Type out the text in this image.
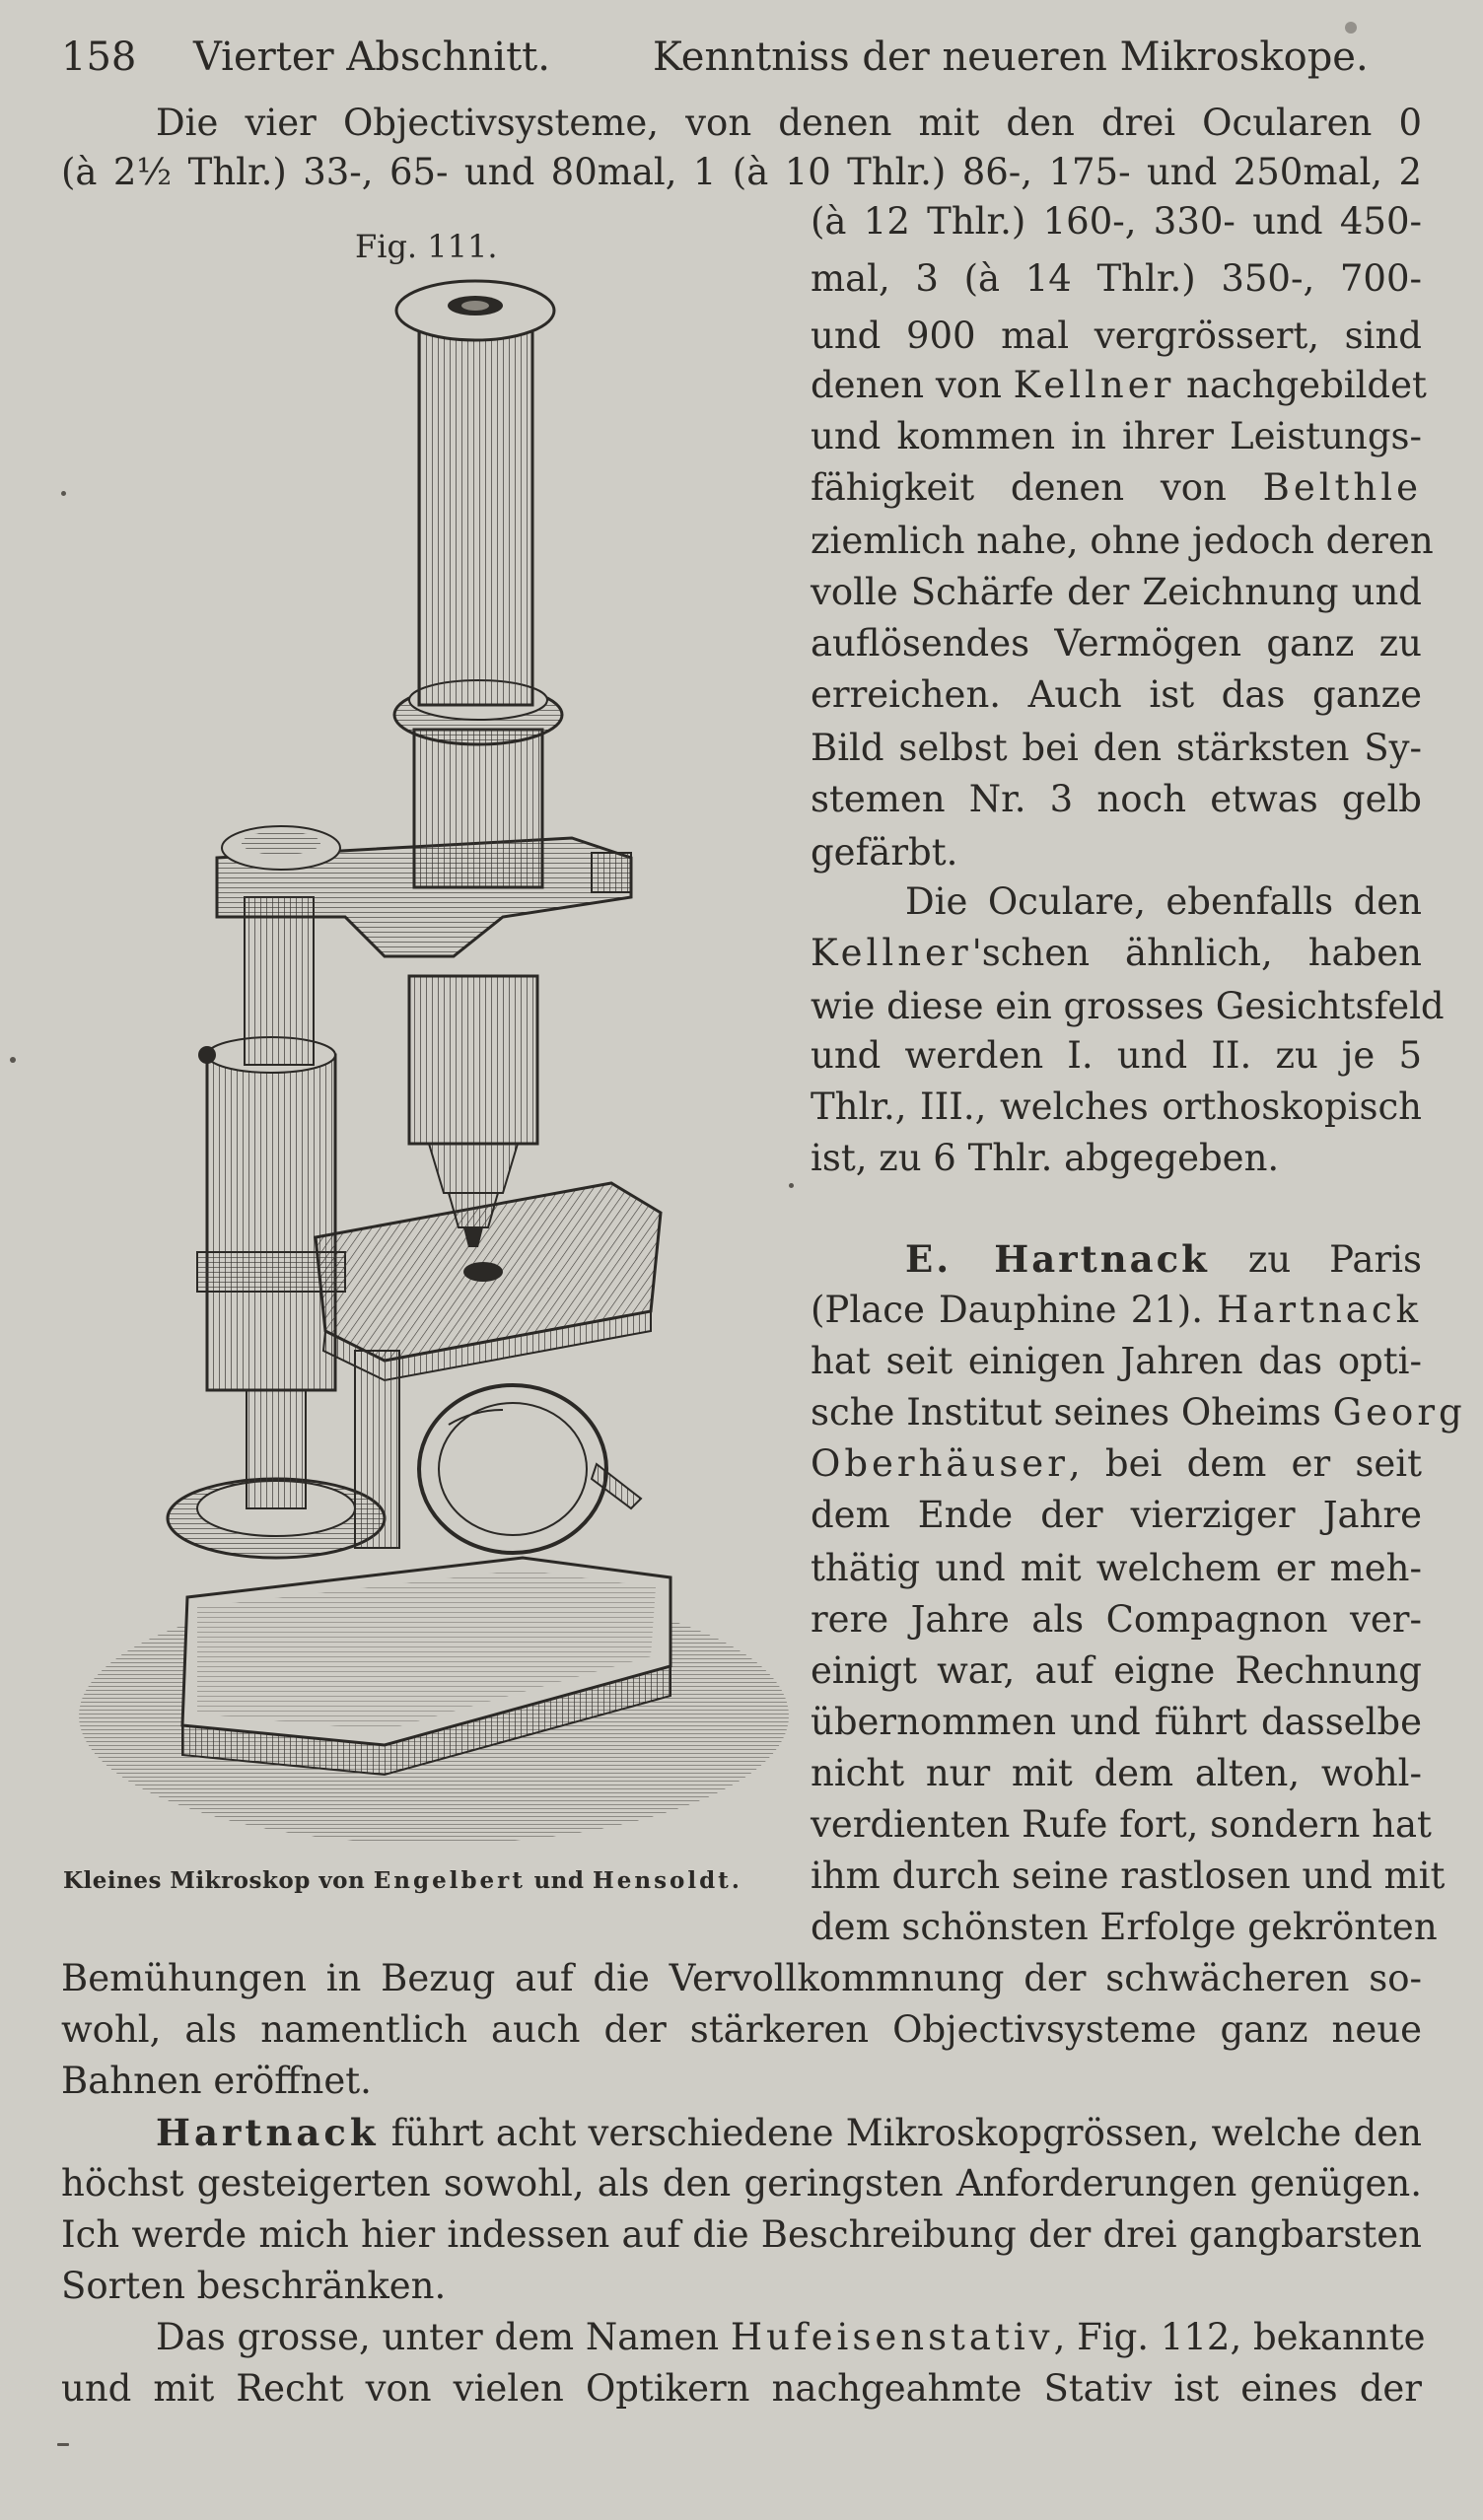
158 Vierter Abschnitt.	Kenntniss der neueren Mikroskope.
Die vier Objectivsysteme, von denen mit den drei Ocularen 0
(à 2½ Thlr.) 33-, 65- und 80mal, 1 (à 10 Thlr.) 86-, 175- und 250mal, 2
Fig. 111.
(à 12 Thlr.) 160-, 330- und 450-
mal, 3 (à 14 Thlr.) 350-, 700-
und 900 mal vergrössert, sind
denen von Kellner nachgebildet
und kommen in ihrer Leistungs-
fähigkeit denen von Belthle
ziemlich nahe, ohne jedoch deren
volle Schärfe der Zeichnung und
auflösendes Vermögen ganz zu
erreichen. Auch ist das ganze
Bild selbst bei den stärksten Sy-
stemen Nr. 3 noch etwas gelb
gefärbt.
Die Oculare, ebenfalls den
Kellner'schen ähnlich, haben
wie diese ein grosses Gesichtsfeld
und werden I. und II. zu je 5
Thlr., III., welches orthoskopisch
ist, zu 6 Thlr. abgegeben.
E. Hartnack zu Paris
(Place Dauphine 21). Hartnack
hat seit einigen Jahren das opti-
sche Institut seines Oheims Georg
Oberhäuser, bei dem er seit
dem Ende der vierziger Jahre
thätig und mit welchem er meh-
rere Jahre als Compagnon ver-
einigt war, auf eigne Rechnung
übernommen und führt dasselbe
nicht nur mit dem alten, wohl-
verdienten Rufe fort, sondern hat
ihm durch seine rastlosen und mit
dem schönsten Erfolge gekrönten
Kleines Mikroskop von Engelbert und Hensoldt.
Bemühungen in Bezug auf die Vervollkommnung der schwächeren so-
wohl, als namentlich auch der stärkeren Objectivsysteme ganz neue
Bahnen eröffnet.
Hartnack führt acht verschiedene Mikroskopgrössen, welche den
höchst gesteigerten sowohl, als den geringsten Anforderungen genügen.
Ich werde mich hier indessen auf die Beschreibung der drei gangbarsten
Sorten beschränken.
Das grosse, unter dem Namen Hufeisenstativ, Fig. 112, bekannte
und mit Recht von vielen Optikern nachgeahmte Stativ ist eines der
